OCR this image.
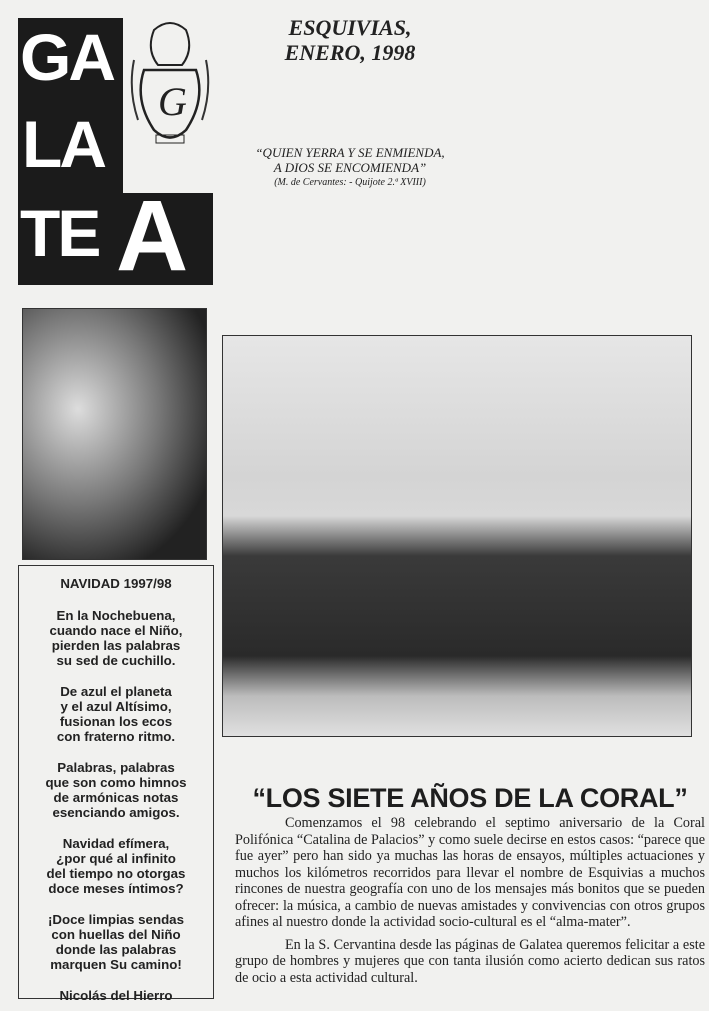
GA
LA
TE A
G
ESQUIVIAS,
ENERO, 1998
“QUIEN YERRA Y SE ENMIENDA,
A DIOS SE ENCOMIENDA”
(M. de Cervantes: - Quijote 2.ª XVIII)
NAVIDAD 1997/98
En la Nochebuena,
cuando nace el Niño,
pierden las palabras
su sed de cuchillo.
De azul el planeta
y el azul Altísimo,
fusionan los ecos
con fraterno ritmo.
Palabras, palabras
que son como himnos
de armónicas notas
esenciando amigos.
Navidad efímera,
¿por qué al infinito
del tiempo no otorgas
doce meses íntimos?
¡Doce limpias sendas
con huellas del Niño
donde las palabras
marquen Su camino!
Nicolás del Hierro
“LOS SIETE AÑOS DE LA CORAL”

Comenzamos el 98 celebrando el septimo aniversario de la Coral Polifónica “Catalina de Palacios” y como suele decirse en estos casos: “parece que fue ayer” pero han sido ya muchas las horas de ensayos, múltiples actuaciones y muchos los kilómetros recorridos para llevar el nombre de Esquivias a muchos rincones de nuestra geografía con uno de los mensajes más bonitos que se pueden ofrecer: la música, a cambio de nuevas amistades y convivencias con otros grupos afines al nuestro donde la actividad socio-cultural es el “alma-mater”.

En la S. Cervantina desde las páginas de Galatea queremos felicitar a este grupo de hombres y mujeres que con tanta ilusión como acierto dedican sus ratos de ocio a esta actividad cultural.
